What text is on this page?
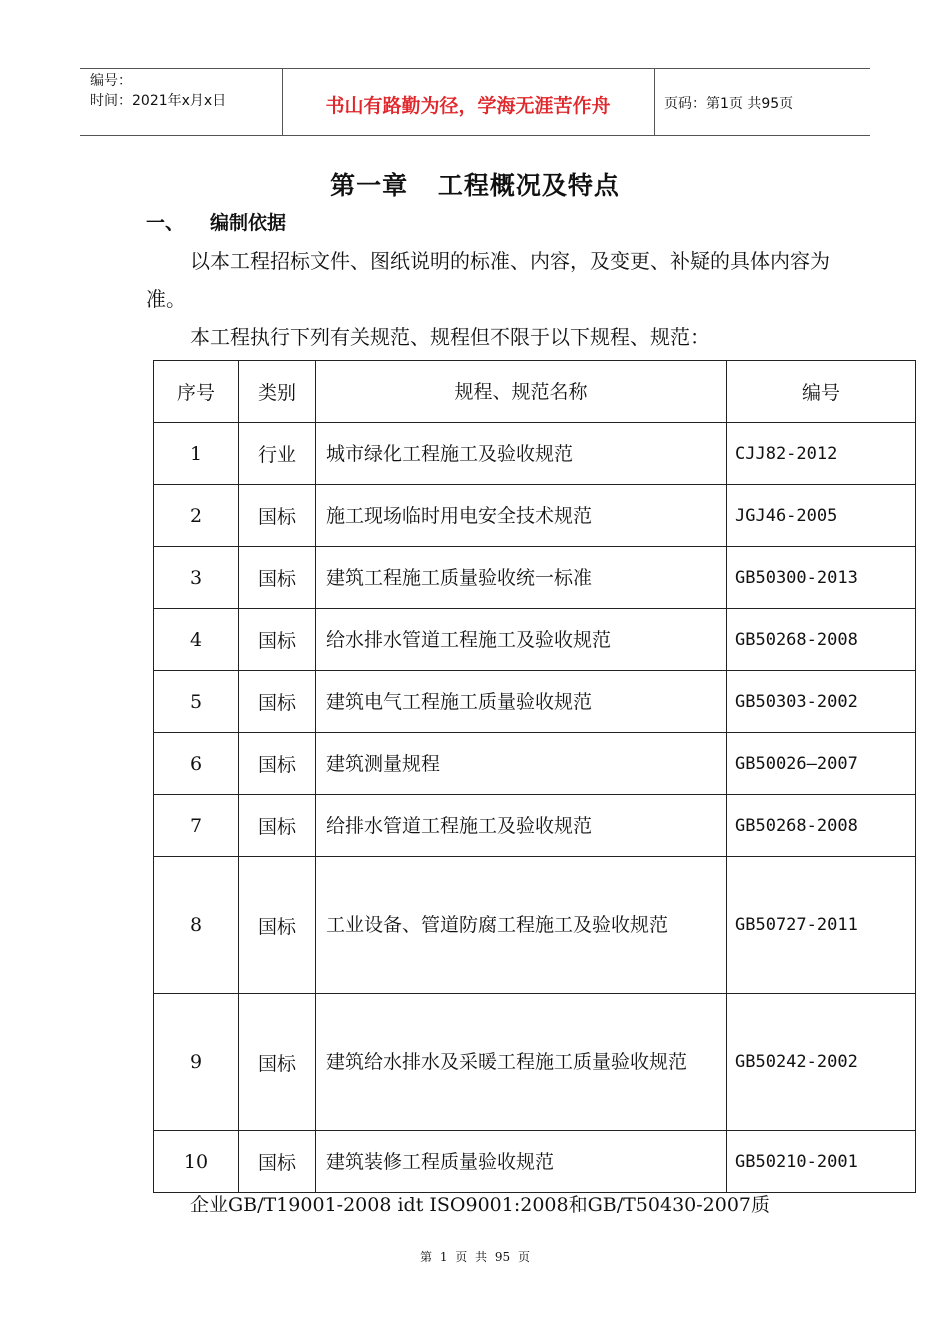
编号：
时间：2021年x月x日	书山有路勤为径，学海无涯苦作舟	页码：第1页 共95页
第一章 工程概况及特点
一、 编制依据
以本工程招标文件、图纸说明的标准、内容，及变更、补疑的具体内容为准。
本工程执行下列有关规范、规程但不限于以下规程、规范：
序号	类别	规程、规范名称	编号
1	行业	城市绿化工程施工及验收规范	CJJ82-2012
2	国标	施工现场临时用电安全技术规范	JGJ46-2005
3	国标	建筑工程施工质量验收统一标准	GB50300-2013
4	国标	给水排水管道工程施工及验收规范	GB50268-2008
5	国标	建筑电气工程施工质量验收规范	GB50303-2002
6	国标	建筑测量规程	GB50026—2007
7	国标	给排水管道工程施工及验收规范	GB50268-2008
8	国标	工业设备、管道防腐工程施工及验收规范	GB50727-2011
9	国标	建筑给水排水及采暖工程施工质量验收规范	GB50242-2002
10	国标	建筑装修工程质量验收规范	GB50210-2001
企业GB/T19001-2008 idt ISO9001:2008和GB/T50430-2007质
第 1 页 共 95 页
